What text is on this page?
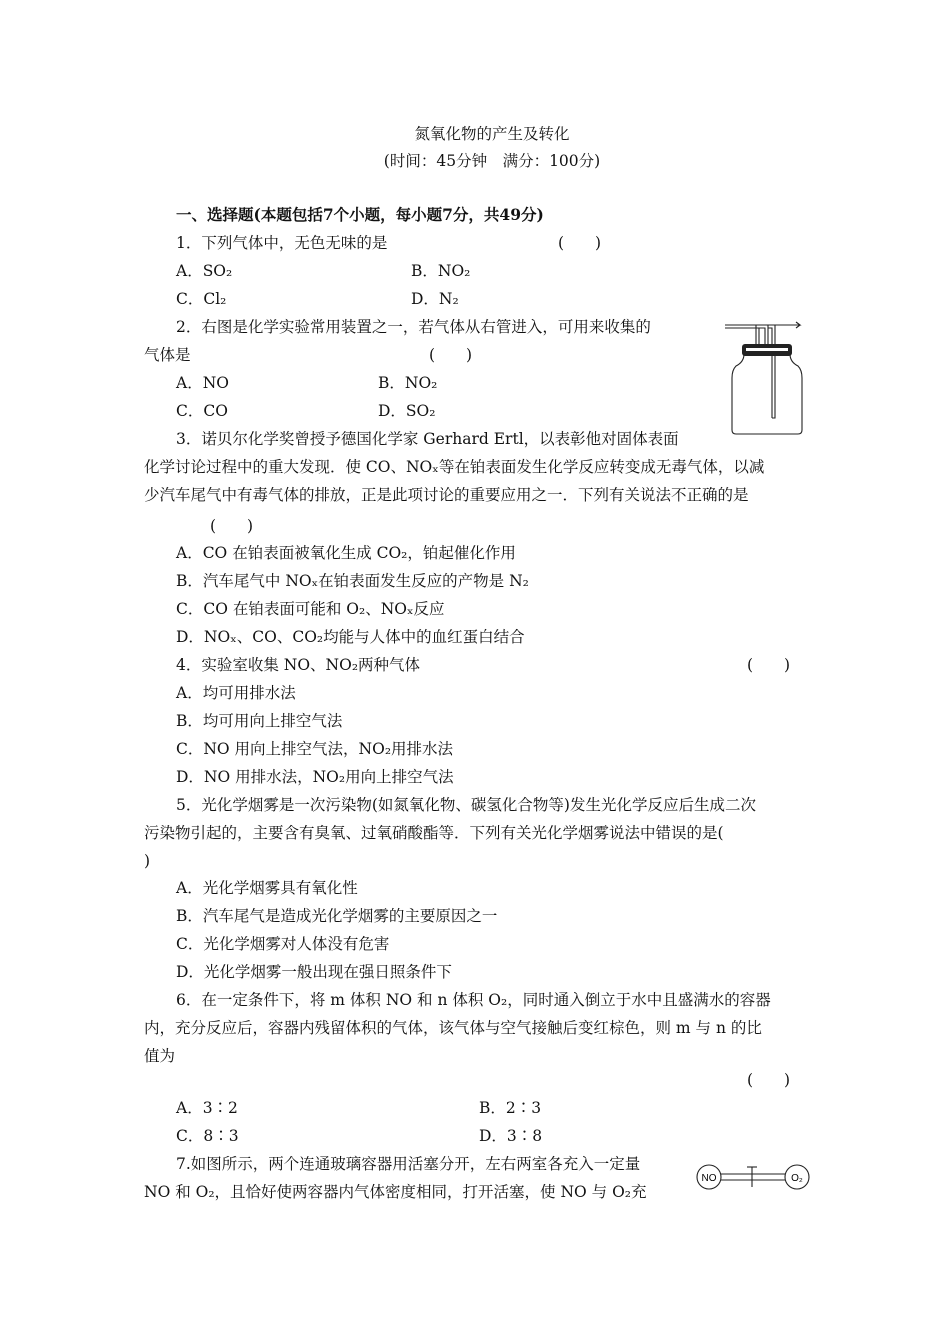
氮氧化物的产生及转化
(时间：45分钟　满分：100分)
一、选择题(本题包括7个小题，每小题7分，共49分)
1．下列气体中，无色无味的是	(　　)
A．SO₂	B．NO₂
C．Cl₂	D．N₂
2．右图是化学实验常用装置之一，若气体从右管进入，可用来收集的
气体是	(　　)
A．NO	B．NO₂
C．CO	D．SO₂
3．诺贝尔化学奖曾授予德国化学家 Gerhard Ertl，以表彰他对固体表面
化学讨论过程中的重大发现．使 CO、NOₓ等在铂表面发生化学反应转变成无毒气体，以减
少汽车尾气中有毒气体的排放，正是此项讨论的重要应用之一．下列有关说法不正确的是
(　　)
A．CO 在铂表面被氧化生成 CO₂，铂起催化作用
B．汽车尾气中 NOₓ在铂表面发生反应的产物是 N₂
C．CO 在铂表面可能和 O₂、NOₓ反应
D．NOₓ、CO、CO₂均能与人体中的血红蛋白结合
4．实验室收集 NO、NO₂两种气体	(　　)
A．均可用排水法
B．均可用向上排空气法
C．NO 用向上排空气法，NO₂用排水法
D．NO 用排水法，NO₂用向上排空气法
5．光化学烟雾是一次污染物(如氮氧化物、碳氢化合物等)发生光化学反应后生成二次
污染物引起的，主要含有臭氧、过氧硝酸酯等．下列有关光化学烟雾说法中错误的是(
)
A．光化学烟雾具有氧化性
B．汽车尾气是造成光化学烟雾的主要原因之一
C．光化学烟雾对人体没有危害
D．光化学烟雾一般出现在强日照条件下
6．在一定条件下，将 m 体积 NO 和 n 体积 O₂，同时通入倒立于水中且盛满水的容器
内，充分反应后，容器内残留体积的气体，该气体与空气接触后变红棕色，则 m 与 n 的比
值为
(　　)
A．3∶2	B．2∶3
C．8∶3	D．3∶8
7.如图所示，两个连通玻璃容器用活塞分开，左右两室各充入一定量
NO 和 O₂，且恰好使两容器内气体密度相同，打开活塞，使 NO 与 O₂充
NO	O₂
